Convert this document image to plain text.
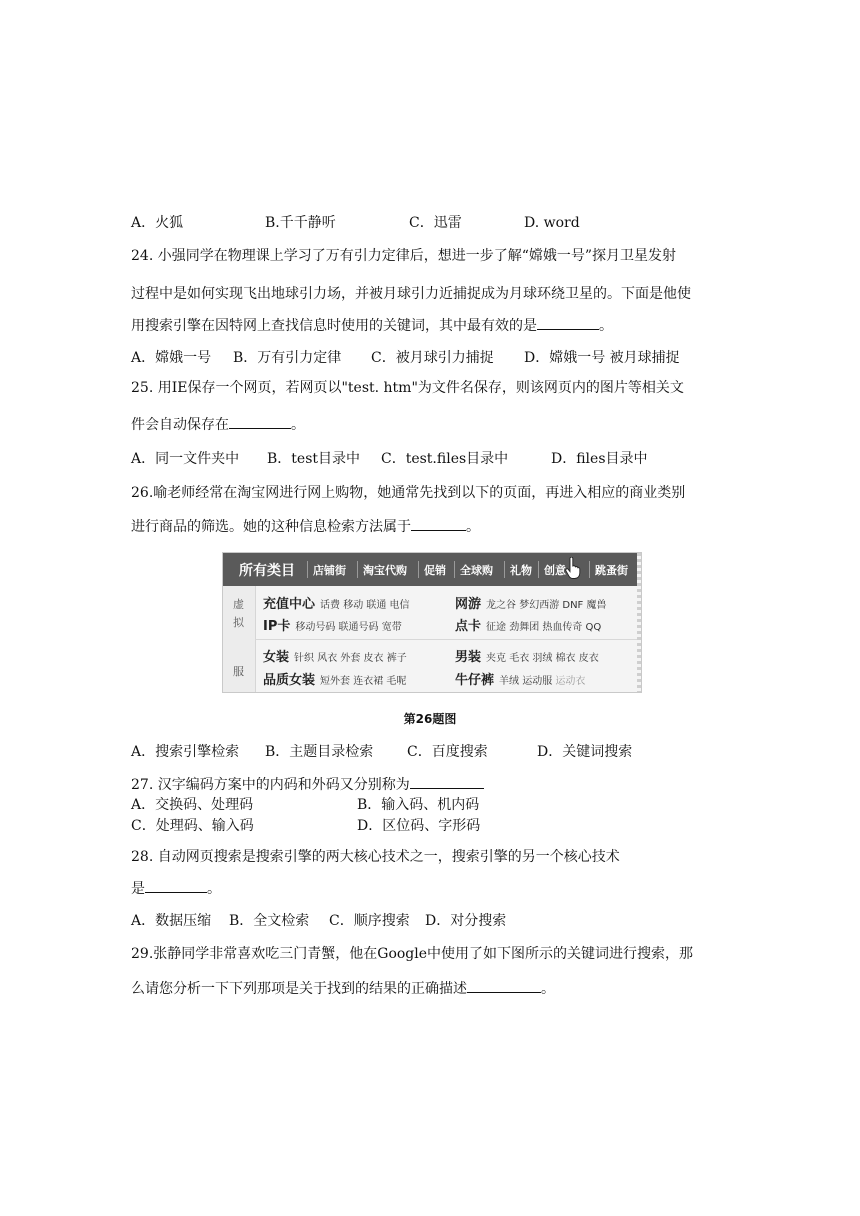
A．火狐	B.千千静听	C．迅雷	D. word
24. 小强同学在物理课上学习了万有引力定律后，想进一步了解“嫦娥一号”探月卫星发射
过程中是如何实现飞出地球引力场，并被月球引力近捕捉成为月球环绕卫星的。下面是他使
用搜索引擎在因特网上查找信息时使用的关键词，其中最有效的是	。
A．嫦娥一号 B．万有引力定律 C．被月球引力捕捉 D．嫦娥一号 被月球捕捉
25. 用IE保存一个网页，若网页以"test. htm"为文件名保存，则该网页内的图片等相关文
件会自动保存在	。
A．同一文件夹中 B．test目录中 C．test.files目录中	D．files目录中
26.喻老师经常在淘宝网进行网上购物，她通常先找到以下的页面，再进入相应的商业类别
进行商品的筛选。她的这种信息检索方法属于	。
所有类目 店铺街 淘宝代购 促销 全球购 礼物 创意	跳蚤街
虚
拟
服
充值中心 话费 移动 联通 电信	网游 龙之谷 梦幻西游 DNF 魔兽
IP卡 移动号码 联通号码 宽带	点卡 征途 劲舞团 热血传奇 QQ
女装 针织 风衣 外套 皮衣 裤子	男装 夹克 毛衣 羽绒 棉衣 皮衣
品质女装 短外套 连衣裙 毛呢	牛仔裤 羊绒 运动服 运动衣
第26题图
A．搜索引擎检索 B．主题目录检索 C．百度搜索	D．关键词搜索
27. 汉字编码方案中的内码和外码又分别称为
A．交换码、处理码	B．输入码、机内码
C．处理码、输入码	D．区位码、字形码
28. 自动网页搜索是搜索引擎的两大核心技术之一，搜索引擎的另一个核心技术
是	。
A．数据压缩 B．全文检索 C．顺序搜索 D．对分搜索
29.张静同学非常喜欢吃三门青蟹，他在Google中使用了如下图所示的关键词进行搜索，那
么请您分析一下下列那项是关于找到的结果的正确描述	。
